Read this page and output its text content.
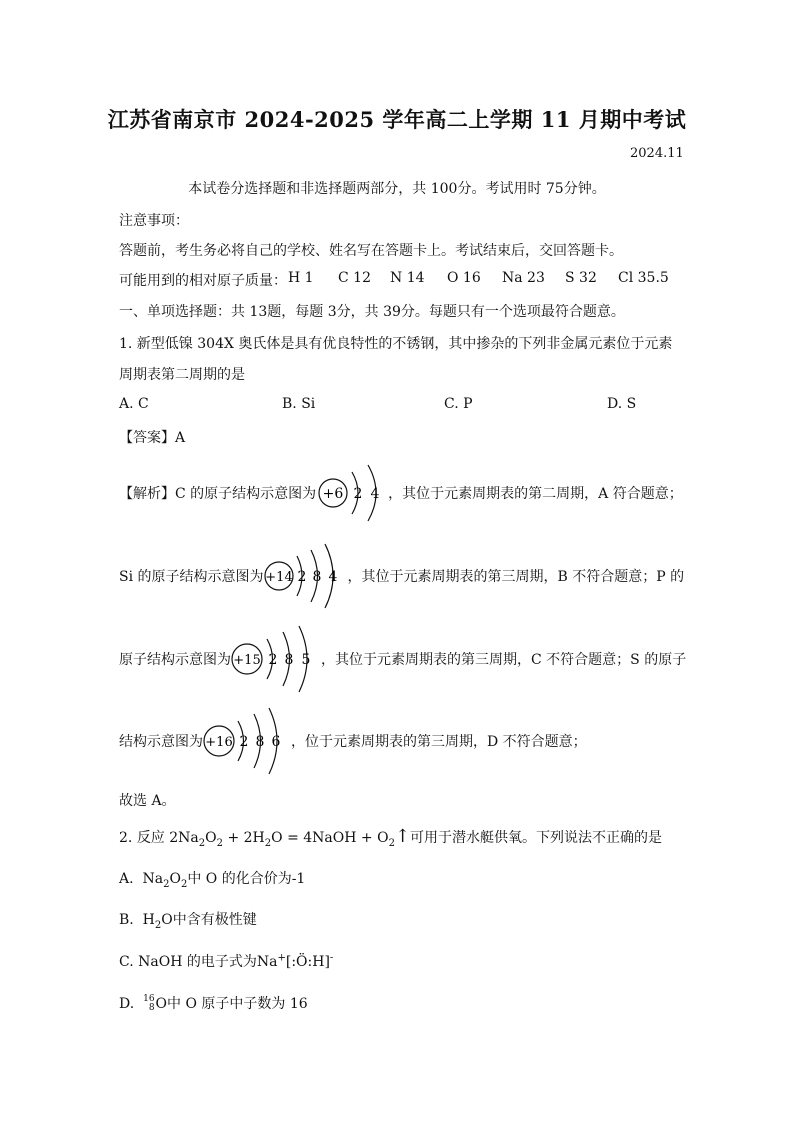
江苏省南京市 2024-2025 学年高二上学期 11 月期中考试
2024.11
本试卷分选择题和非选择题两部分，共 100分。考试用时 75分钟。
注意事项：
答题前，考生务必将自己的学校、姓名写在答题卡上。考试结束后，交回答题卡。
可能用到的相对原子质量： H 1 C 12 N 14 O 16 Na 23 S 32 Cl 35.5
一、单项选择题：共 13题，每题 3分，共 39分。每题只有一个选项最符合题意。
1. 新型低镍 304X 奥氏体是具有优良特性的不锈钢，其中掺杂的下列非金属元素位于元素
周期表第二周期的是
A. C	B. Si	C. P	D. S
【答案】A
【解析】C 的原子结构示意图为 +6 2 4 ，其位于元素周期表的第二周期，A 符合题意；
Si 的原子结构示意图为 +14 2 8 4 ，其位于元素周期表的第三周期，B 不符合题意；P 的
原子结构示意图为 +15 2 8 5 ，其位于元素周期表的第三周期，C 不符合题意；S 的原子
结构示意图为 +16 2 8 6 ，位于元素周期表的第三周期，D 不符合题意；
故选 A。
2. 反应 $2Na_2O_2 + 2H_2O$ = 4NaOH + $O_2↑$可用于潜水艇供氧。下列说法不正确的是
A. $Na_2O_2$中 O 的化合价为-1
B. $H_2O$中含有极性键
C. NaOH 的电子式为Na+[:Ö:H]-
D. 16
8O中 O 原子中子数为 16
